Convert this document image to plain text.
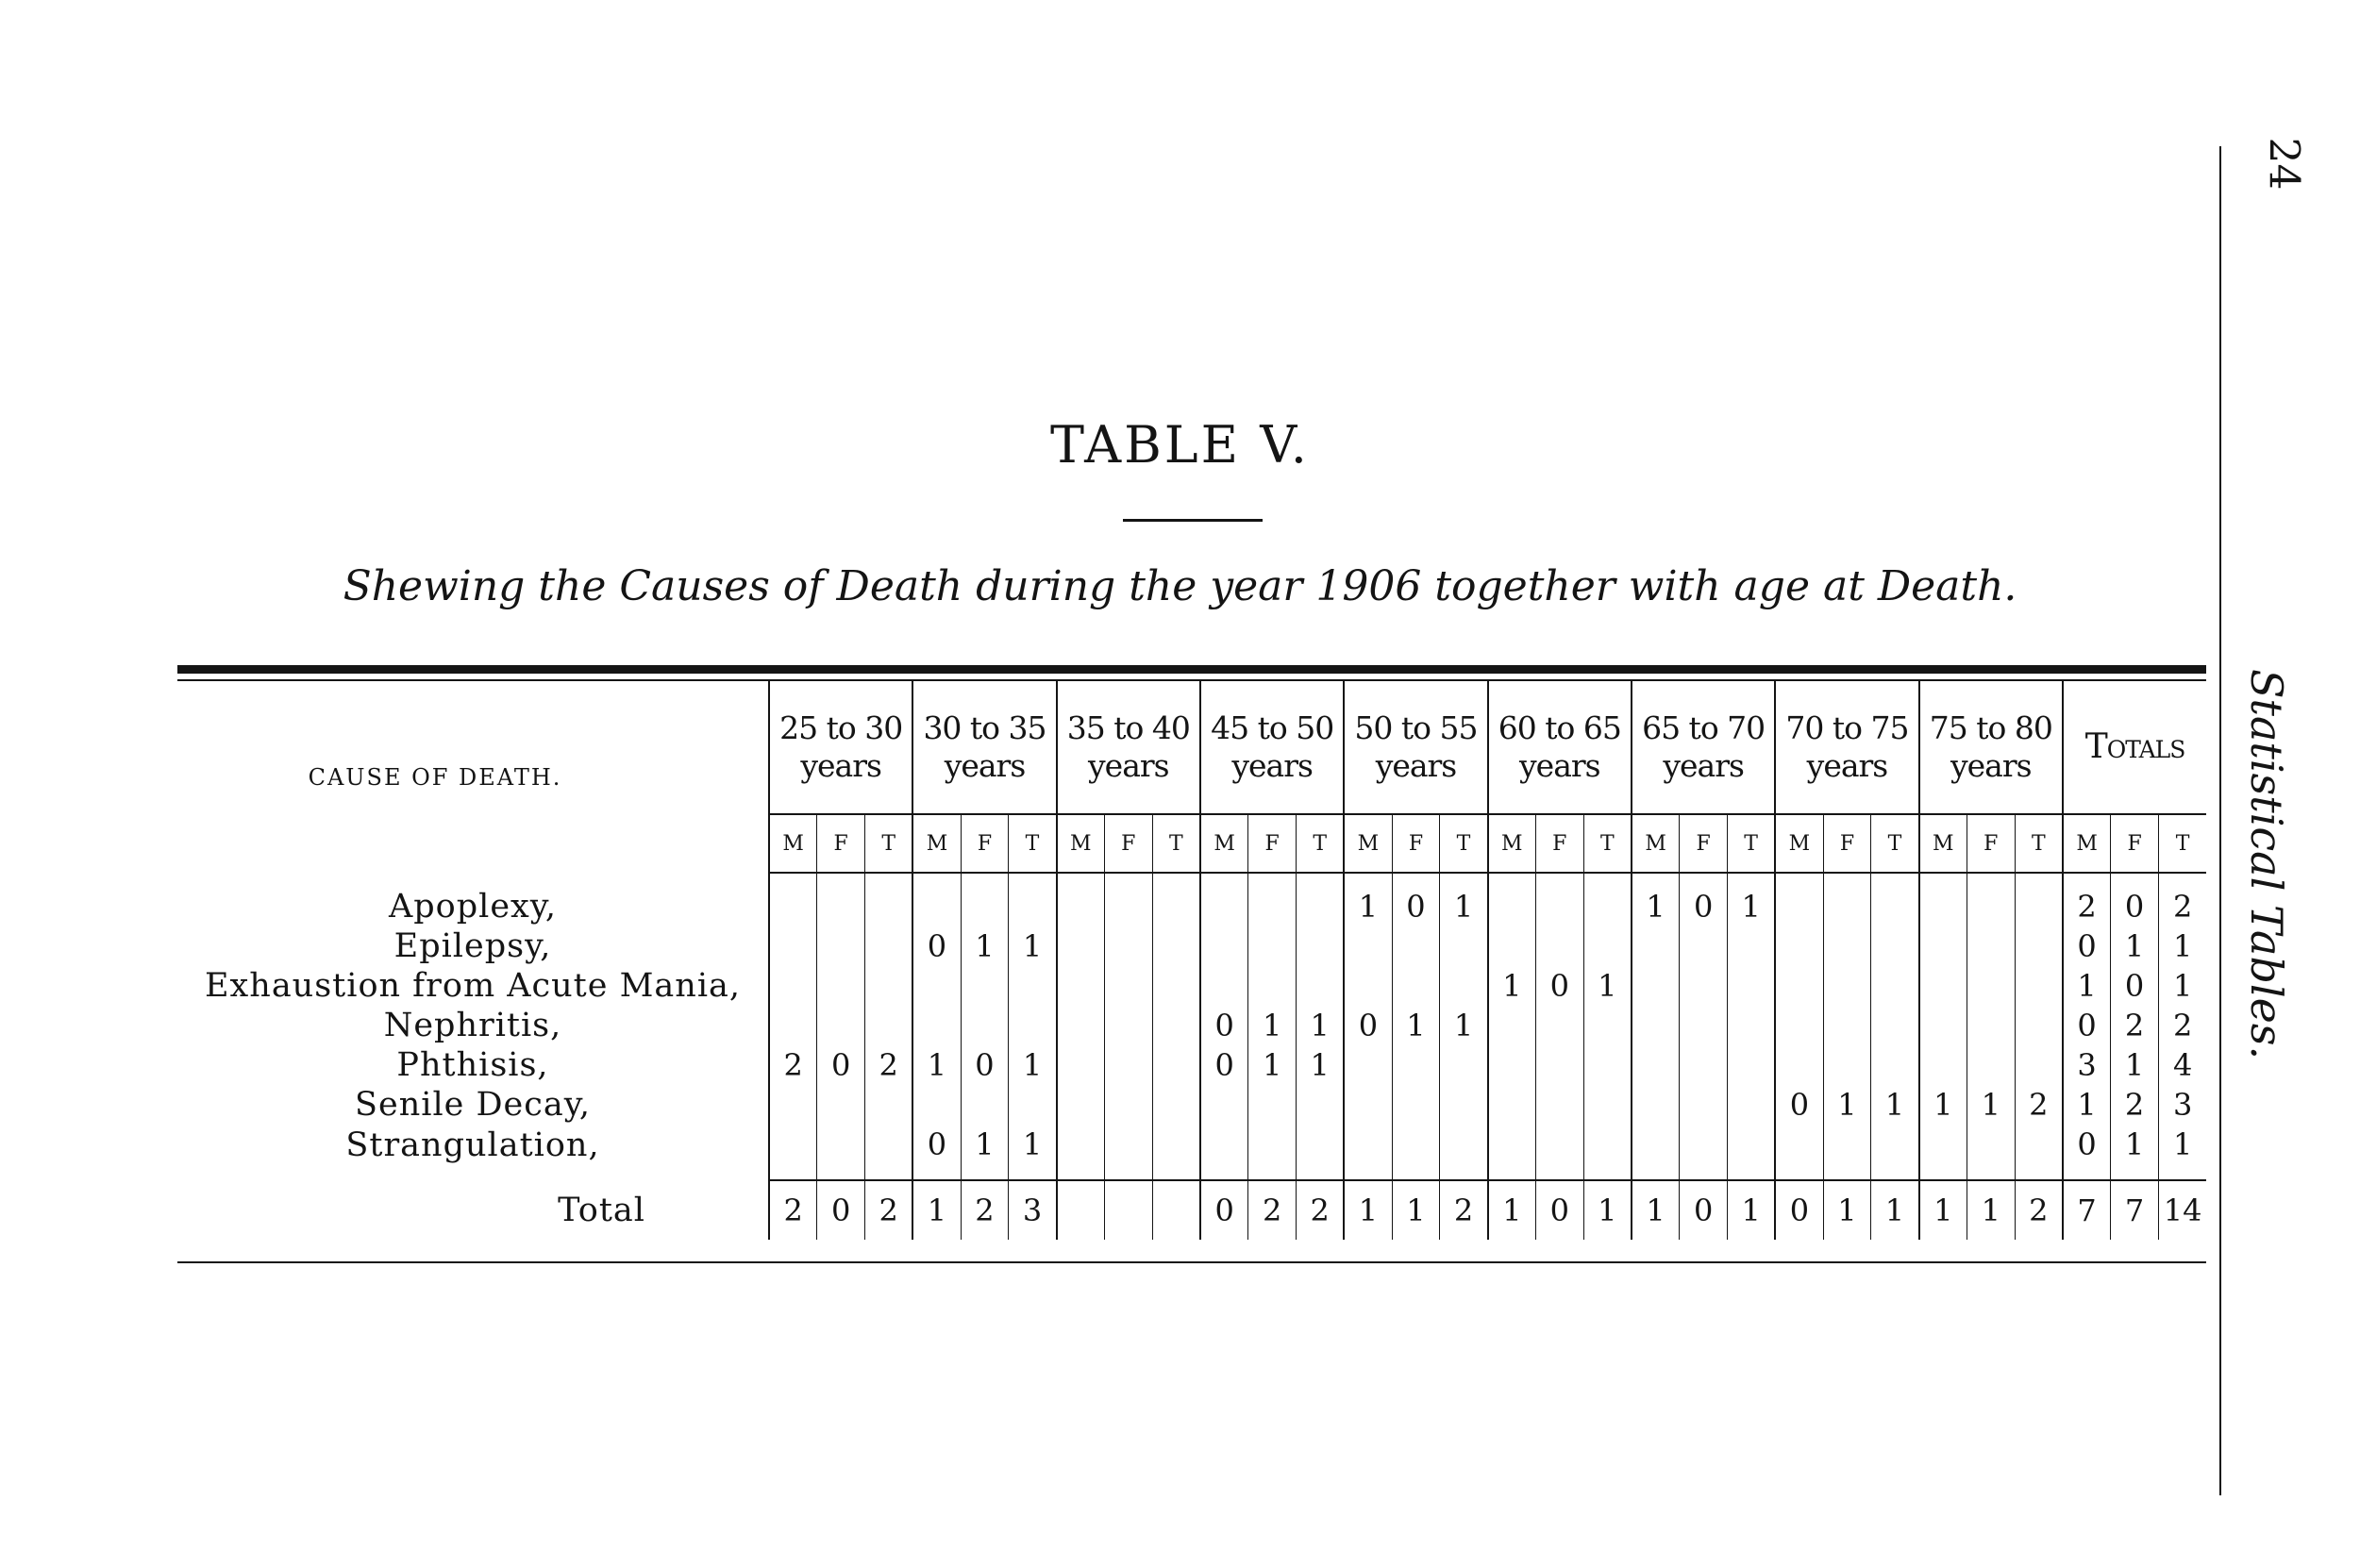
TABLE V.
Shewing the Causes of Death during the year 1906 together with age at Death.
CAUSE OF DEATH.	25 to 30 years			30 to 35 years			35 to 40 years			45 to 50 years			50 to 55 years			60 to 65 years			65 to 70 years			70 to 75 years			75 to 80 years			Totals		
	M	F	T	M	F	T	M	F	T	M	F	T	M	F	T	M	F	T	M	F	T	M	F	T	M	F	T	M	F	T
Apoplexy,													1	0	1				1	0	1							2	0	2
Epilepsy,				0	1	1																						0	1	1
Exhaustion from Acute Mania,																1	0	1										1	0	1
Nephritis,										0	1	1	0	1	1													0	2	2
Phthisis,	2	0	2	1	0	1				0	1	1																3	1	4
Senile Decay,																						0	1	1	1	1	2	1	2	3
Strangulation,				0	1	1																						0	1	1
Total	2	0	2	1	2	3				0	2	2	1	1	2	1	0	1	1	0	1	0	1	1	1	1	2	7	7	14
Statistical Tables.
24
